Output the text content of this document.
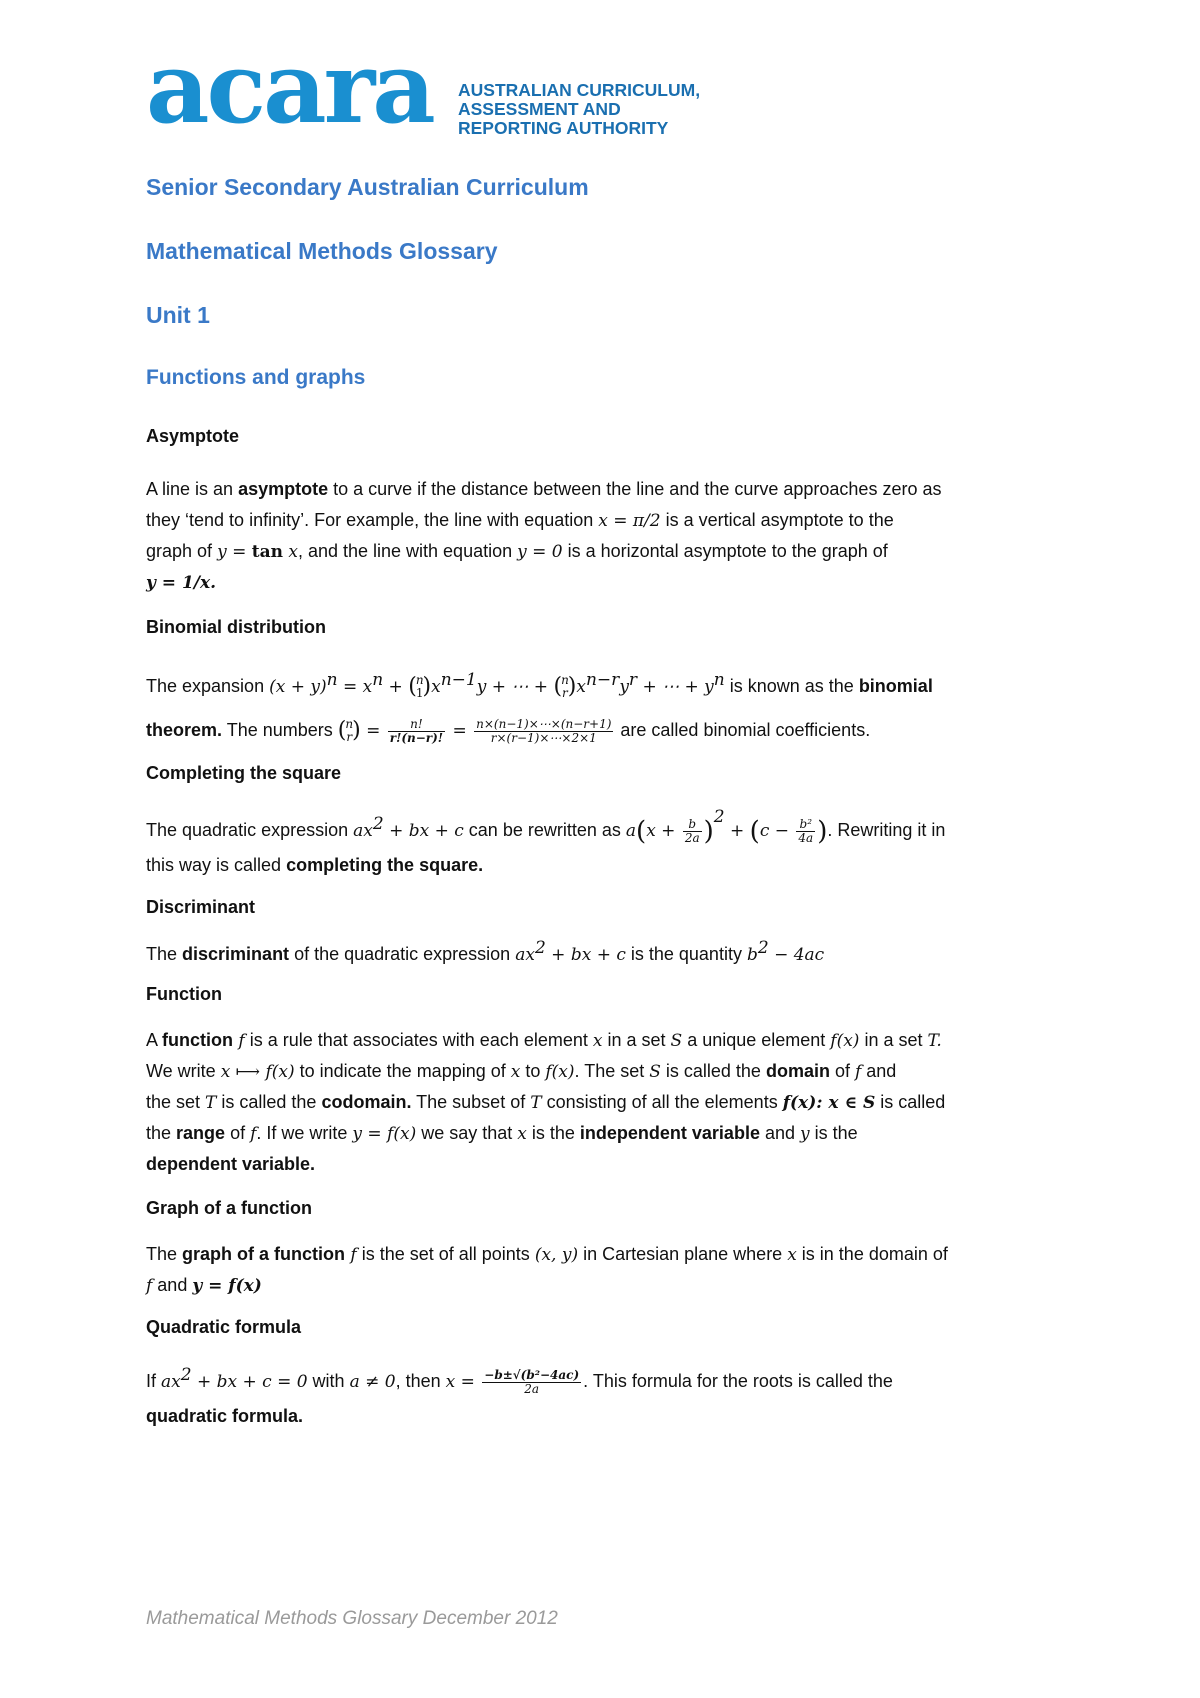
acara AUSTRALIAN CURRICULUM,
ASSESSMENT AND
REPORTING AUTHORITY
Senior Secondary Australian Curriculum
Mathematical Methods Glossary
Unit 1
Functions and graphs
Asymptote
A line is an asymptote to a curve if the distance between the line and the curve approaches zero as
they ‘tend to infinity’. For example, the line with equation x = π/2 is a vertical asymptote to the
graph of y = tan x, and the line with equation y = 0 is a horizontal asymptote to the graph of
y = 1/x.
Binomial distribution
The expansion $(x + y)^n = x^n$ + ( n
1 )$x^{n-1}y$ + ⋯ + ( n
r )$x^{n-r}y^r$ + ⋯ + $y^n$ is known as the binomial
theorem. The numbers ( n
r ) = $\frac{n!}{r!(n-r)!} = \frac{n\times(n-1)\times\cdots\times(n-r+1)}{r\times(r-1)\times\cdots\times 2\times 1}$ are called binomial coefficients.
Completing the square
The quadratic expression $ax^2$ + bx + c can be rewritten as $a(x + \frac{b}{2a} )^2 + (c - \frac{\text{b²}}{4a}$ ). Rewriting it in
this way is called completing the square.
Discriminant
The discriminant of the quadratic expression $ax^2$ + bx + c is the quantity $b^2 - 4ac$
Function
A function f is a rule that associates with each element x in a set S a unique element f(x) in a set T.
We write x ⟼ f(x) to indicate the mapping of x to f(x). The set S is called the domain of f and
the set T is called the codomain. The subset of T consisting of all the elements f(x): x ∈ S is called
the range of f. If we write y = f(x) we say that x is the independent variable and y is the
dependent variable.
Graph of a function
The graph of a function f is the set of all points (x, y) in Cartesian plane where x is in the domain of
f and y = f(x)
Quadratic formula
If $ax^2$ + bx + c = 0 with a ≠ 0, then $x = \frac{\text{−b±√(b²−4ac)}}{2a}$ . This formula for the roots is called the
quadratic formula.
Mathematical Methods Glossary December 2012
